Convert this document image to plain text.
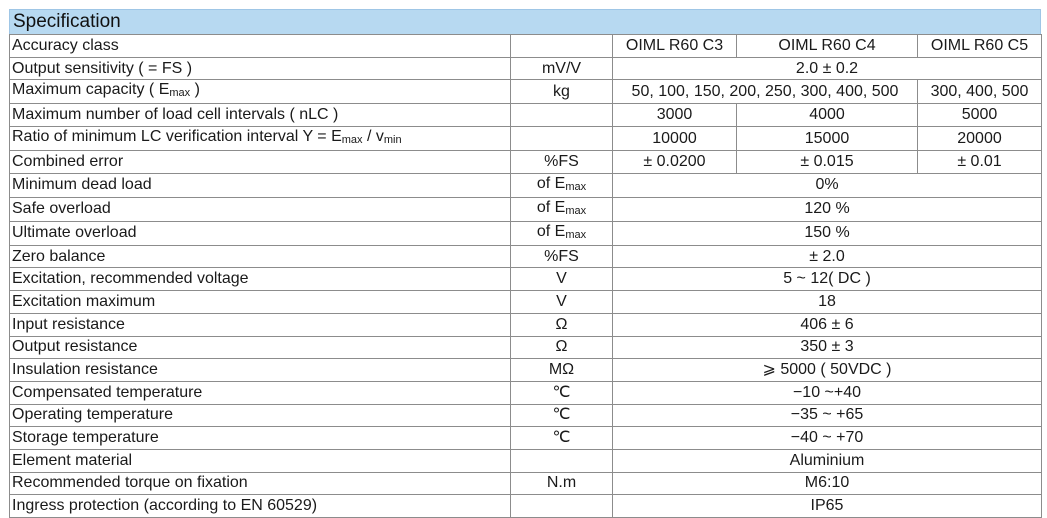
Specification
Accuracy class		OIML R60 C3	OIML R60 C4	OIML R60 C5
Output sensitivity ( = FS )	mV/V	2.0 ± 0.2		
Maximum capacity ( Emax )	kg	50, 100, 150, 200, 250, 300, 400, 500		300, 400, 500
Maximum number of load cell intervals ( nLC )		3000	4000	5000
Ratio of minimum LC verification interval Y = Emax / vmin		10000	15000	20000
Combined error	%FS	± 0.0200	± 0.015	± 0.01
Minimum dead load	of Emax	0%		
Safe overload	of Emax	120 %		
Ultimate overload	of Emax	150 %		
Zero balance	%FS	± 2.0		
Excitation, recommended voltage	V	5 ~ 12( DC )		
Excitation maximum	V	18		
Input resistance	Ω	406 ± 6		
Output resistance	Ω	350 ± 3		
Insulation resistance	MΩ	⩾ 5000 ( 50VDC )		
Compensated temperature	℃	−10 ~+40		
Operating temperature	℃	−35 ~ +65		
Storage temperature	℃	−40 ~ +70		
Element material		Aluminium		
Recommended torque on fixation	N.m	M6:10		
Ingress protection (according to EN 60529)		IP65		
